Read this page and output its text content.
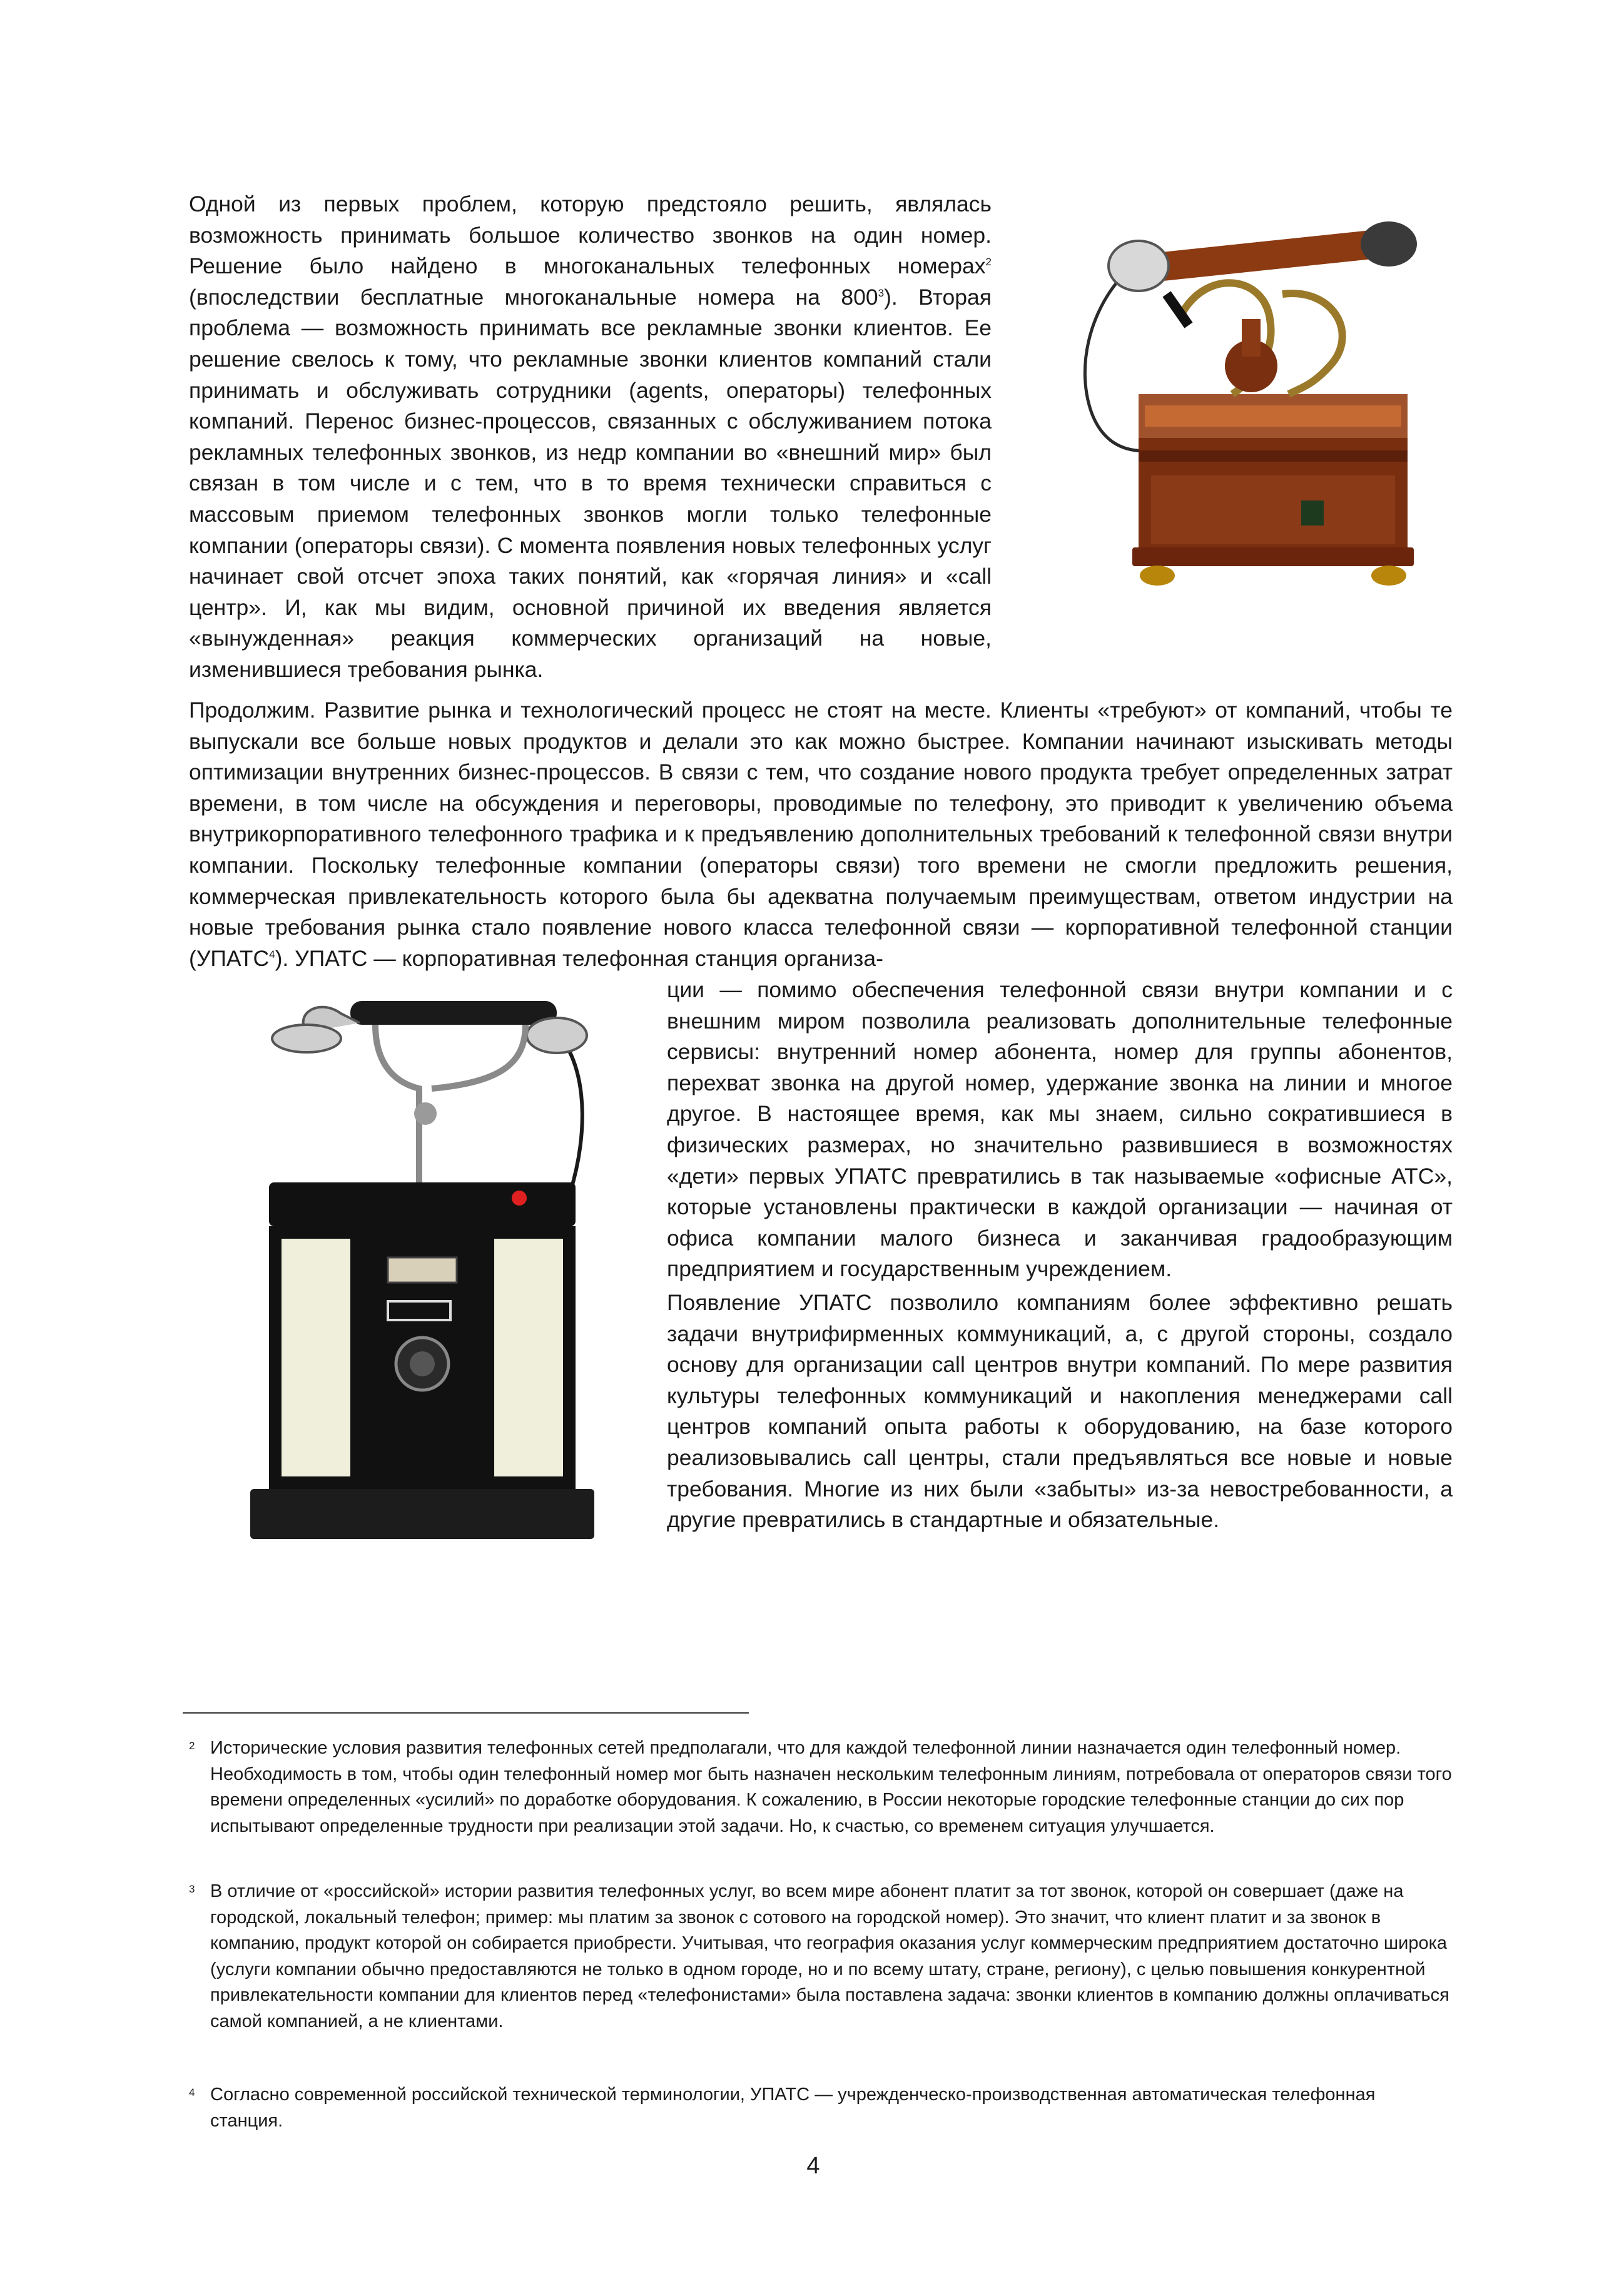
Одной из первых проблем, которую предстояло решить, являлась возможность принимать большое количество звонков на один номер. Решение было найдено в многоканальных телефонных номерах$^2$ (впоследствии бесплатные многоканальные номера на $800^3$). Вторая проблема — возможность принимать все рекламные звонки клиентов. Ее решение свелось к тому, что рекламные звонки клиентов компаний стали принимать и обслуживать сотрудники (agents, операторы) телефонных компаний. Перенос бизнес-процессов, связанных с обслуживанием потока рекламных телефонных звонков, из недр компании во «внешний мир» был связан в том числе и с тем, что в то время технически справиться с массовым приемом телефонных звонков могли только телефонные компании (операторы связи). С момента появления новых телефонных услуг начинает свой отсчет эпоха таких понятий, как «горячая линия» и «call центр». И, как мы видим, основной причиной их введения является «вынужденная» реакция коммерческих организаций на новые, изменившиеся требования рынка.

Продолжим. Развитие рынка и технологический процесс не стоят на месте. Клиенты «требуют» от компаний, чтобы те выпускали все больше новых продуктов и делали это как можно быстрее. Компании начинают изыскивать методы оптимизации внутренних бизнес-процессов. В связи с тем, что создание нового продукта требует определенных затрат времени, в том числе на обсуждения и переговоры, проводимые по телефону, это приводит к увеличению объема внутрикорпоративного телефонного трафика и к предъявлению дополнительных требований к телефонной связи внутри компании. Поскольку телефонные компании (операторы связи) того времени не смогли предложить решения, коммерческая привлекательность которого была бы адекватна получаемым преимуществам, ответом индустрии на новые требования рынка стало появление нового класса телефонной связи — корпоративной телефонной станции (УПАТС$^4$). УПАТС — корпоративная телефонная станция организа-

ции — помимо обеспечения телефонной связи внутри компании и с внешним миром позволила реализовать дополнительные телефонные сервисы: внутренний номер абонента, номер для группы абонентов, перехват звонка на другой номер, удержание звонка на линии и многое другое. В настоящее время, как мы знаем, сильно сократившиеся в физических размерах, но значительно развившиеся в возможностях «дети» первых УПАТС превратились в так называемые «офисные АТС», которые установлены практически в каждой организации — начиная от офиса компании малого бизнеса и заканчивая градообразующим предприятием и государственным учреждением.

Появление УПАТС позволило компаниям более эффективно решать задачи внутрифирменных коммуникаций, а, с другой стороны, создало основу для организации call центров внутри компаний. По мере развития культуры телефонных коммуникаций и накопления менеджерами call центров компаний опыта работы к оборудованию, на базе которого реализовывались call центры, стали предъявляться все новые и новые требования. Многие из них были «забыты» из-за невостребованности, а другие превратились в стандартные и обязательные.

2 Исторические условия развития телефонных сетей предполагали, что для каждой телефонной линии назначается один телефонный номер. Необходимость в том, чтобы один телефонный номер мог быть назначен нескольким телефонным линиям, потребовала от операторов связи того времени определенных «усилий» по доработке оборудования. К сожалению, в России некоторые городские телефонные станции до сих пор испытывают определенные трудности при реализации этой задачи. Но, к счастью, со временем ситуация улучшается.
3 В отличие от «российской» истории развития телефонных услуг, во всем мире абонент платит за тот звонок, которой он совершает (даже на городской, локальный телефон; пример: мы платим за звонок с сотового на городской номер). Это значит, что клиент платит и за звонок в компанию, продукт которой он собирается приобрести. Учитывая, что география оказания услуг коммерческим предприятием достаточно широка (услуги компании обычно предоставляются не только в одном городе, но и по всему штату, стране, региону), с целью повышения конкурентной привлекательности компании для клиентов перед «телефонистами» была поставлена задача: звонки клиентов в компанию должны оплачиваться самой компанией, а не клиентами.
4 Согласно современной российской технической терминологии, УПАТС — учрежденческо-производственная автоматическая телефонная станция.
4
